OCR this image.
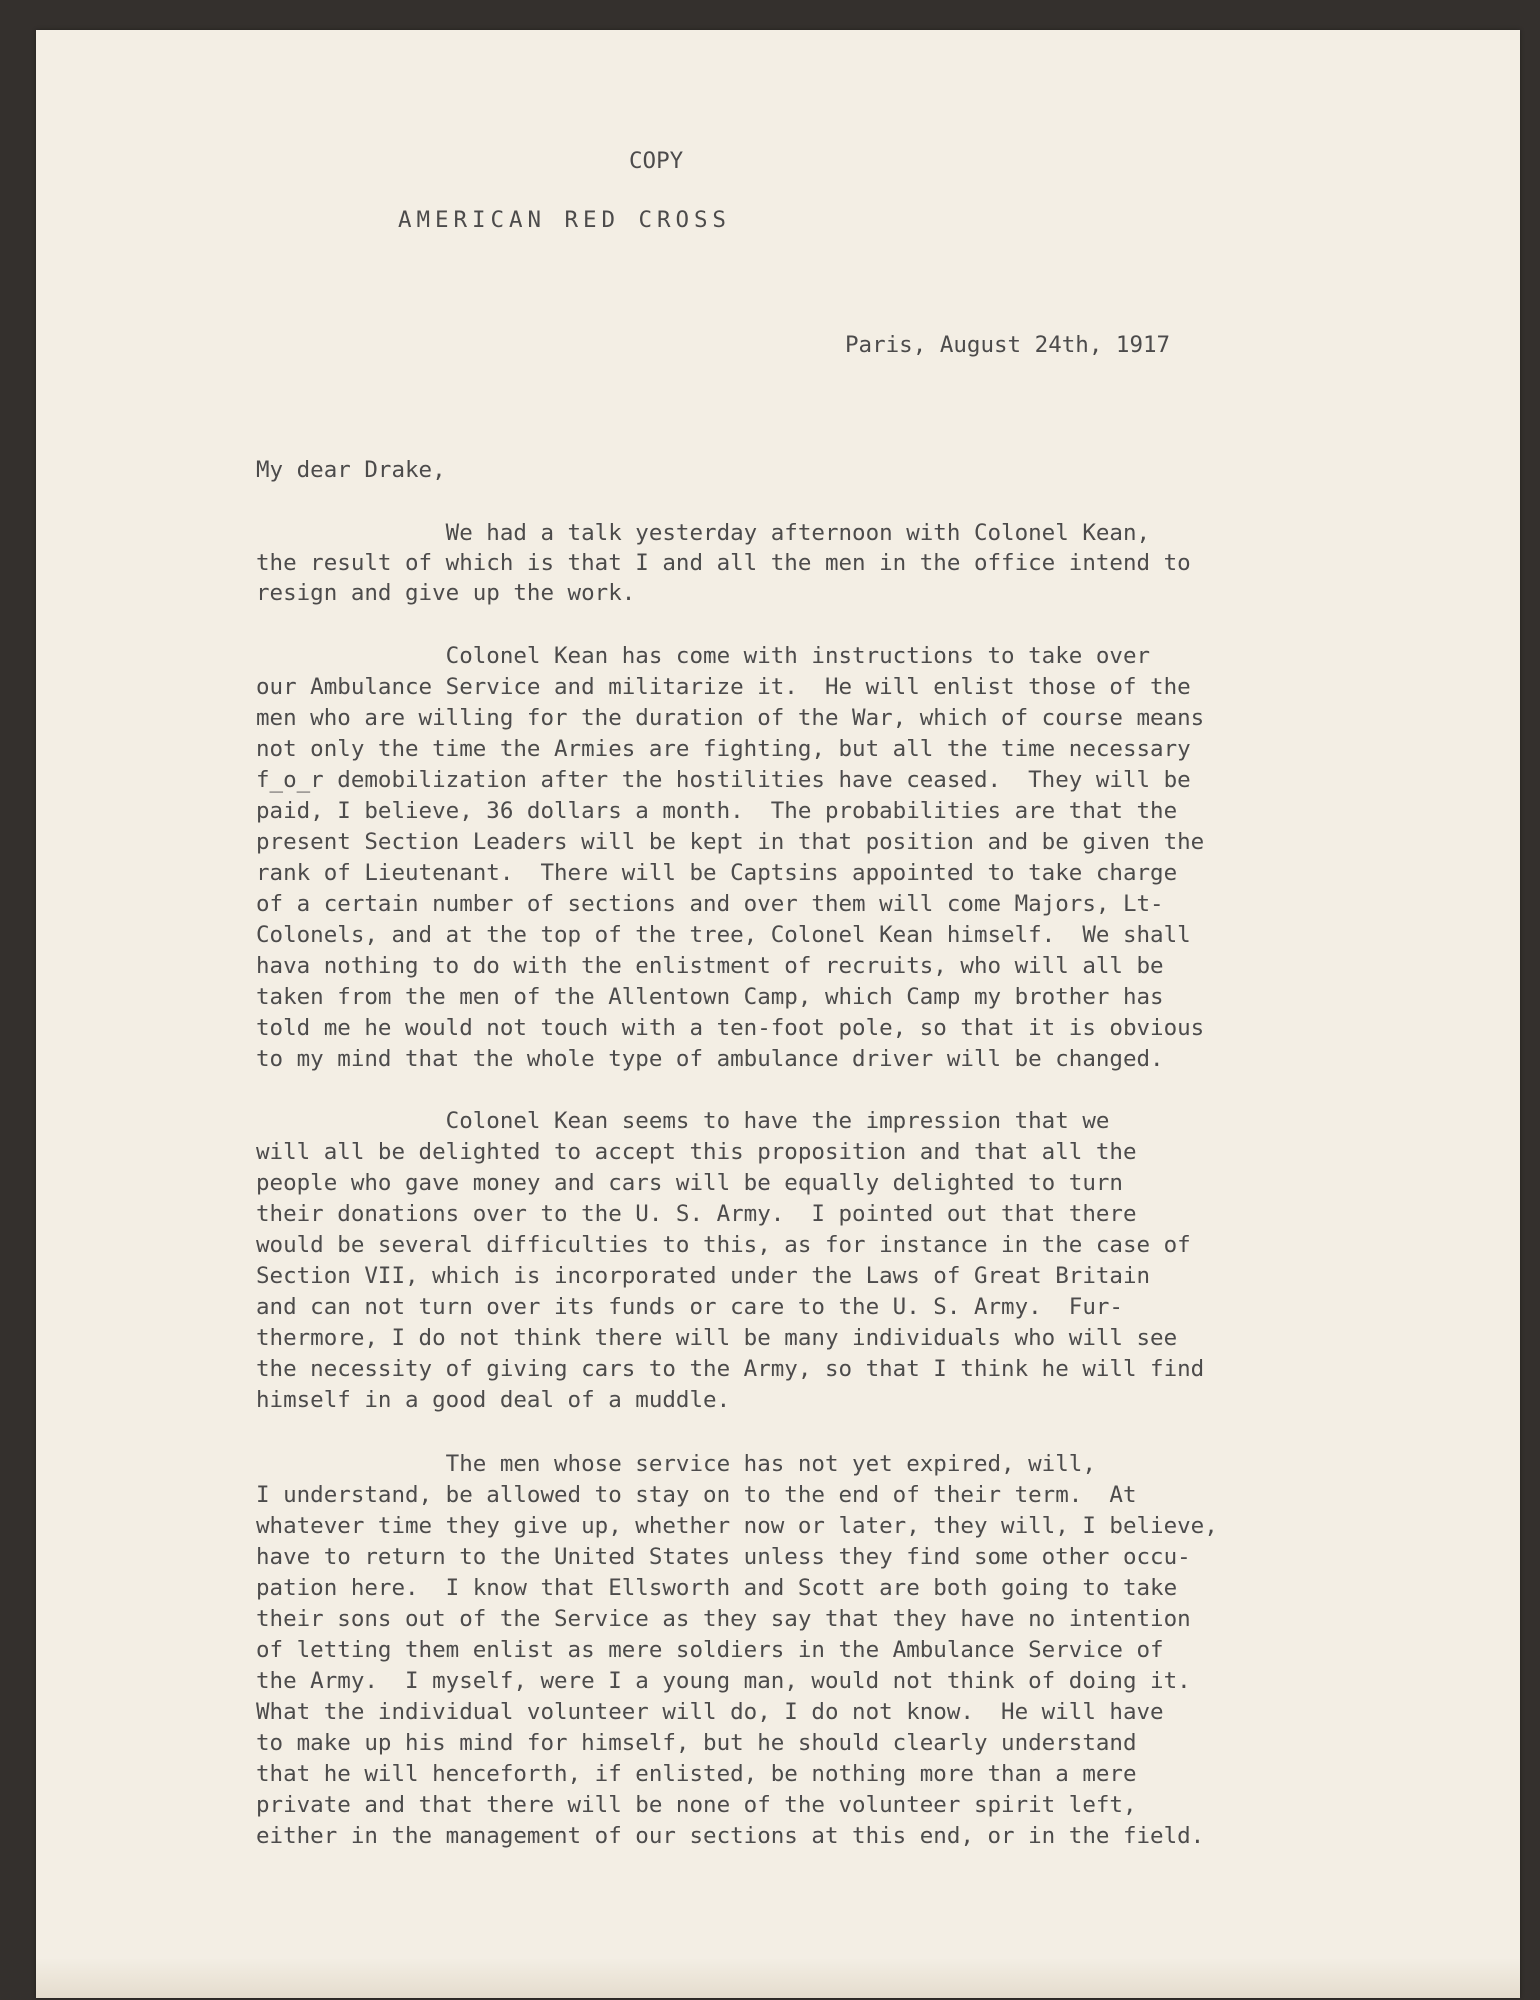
COPY

AMERICAN RED CROSS

Paris, August 24th, 1917

My dear Drake,

We had a talk yesterday afternoon with Colonel Kean,

the result of which is that I and all the men in the office intend to

resign and give up the work.

Colonel Kean has come with instructions to take over

our Ambulance Service and militarize it.  He will enlist those of the

men who are willing for the duration of the War, which of course means

not only the time the Armies are fighting, but all the time necessary

f̲o̲r demobilization after the hostilities have ceased.  They will be

paid, I believe, 36 dollars a month.  The probabilities are that the

present Section Leaders will be kept in that position and be given the

rank of Lieutenant.  There will be Captsins appointed to take charge

of a certain number of sections and over them will come Majors, Lt-

Colonels, and at the top of the tree, Colonel Kean himself.  We shall

hava nothing to do with the enlistment of recruits, who will all be

taken from the men of the Allentown Camp, which Camp my brother has

told me he would not touch with a ten-foot pole, so that it is obvious

to my mind that the whole type of ambulance driver will be changed.

Colonel Kean seems to have the impression that we

will all be delighted to accept this proposition and that all the

people who gave money and cars will be equally delighted to turn

their donations over to the U. S. Army.  I pointed out that there

would be several difficulties to this, as for instance in the case of

Section VII, which is incorporated under the Laws of Great Britain

and can not turn over its funds or care to the U. S. Army.  Fur-

thermore, I do not think there will be many individuals who will see

the necessity of giving cars to the Army, so that I think he will find

himself in a good deal of a muddle.

The men whose service has not yet expired, will,

I understand, be allowed to stay on to the end of their term.  At

whatever time they give up, whether now or later, they will, I believe,

have to return to the United States unless they find some other occu-

pation here.  I know that Ellsworth and Scott are both going to take

their sons out of the Service as they say that they have no intention

of letting them enlist as mere soldiers in the Ambulance Service of

the Army.  I myself, were I a young man, would not think of doing it.

What the individual volunteer will do, I do not know.  He will have

to make up his mind for himself, but he should clearly understand

that he will henceforth, if enlisted, be nothing more than a mere

private and that there will be none of the volunteer spirit left,

either in the management of our sections at this end, or in the field.
